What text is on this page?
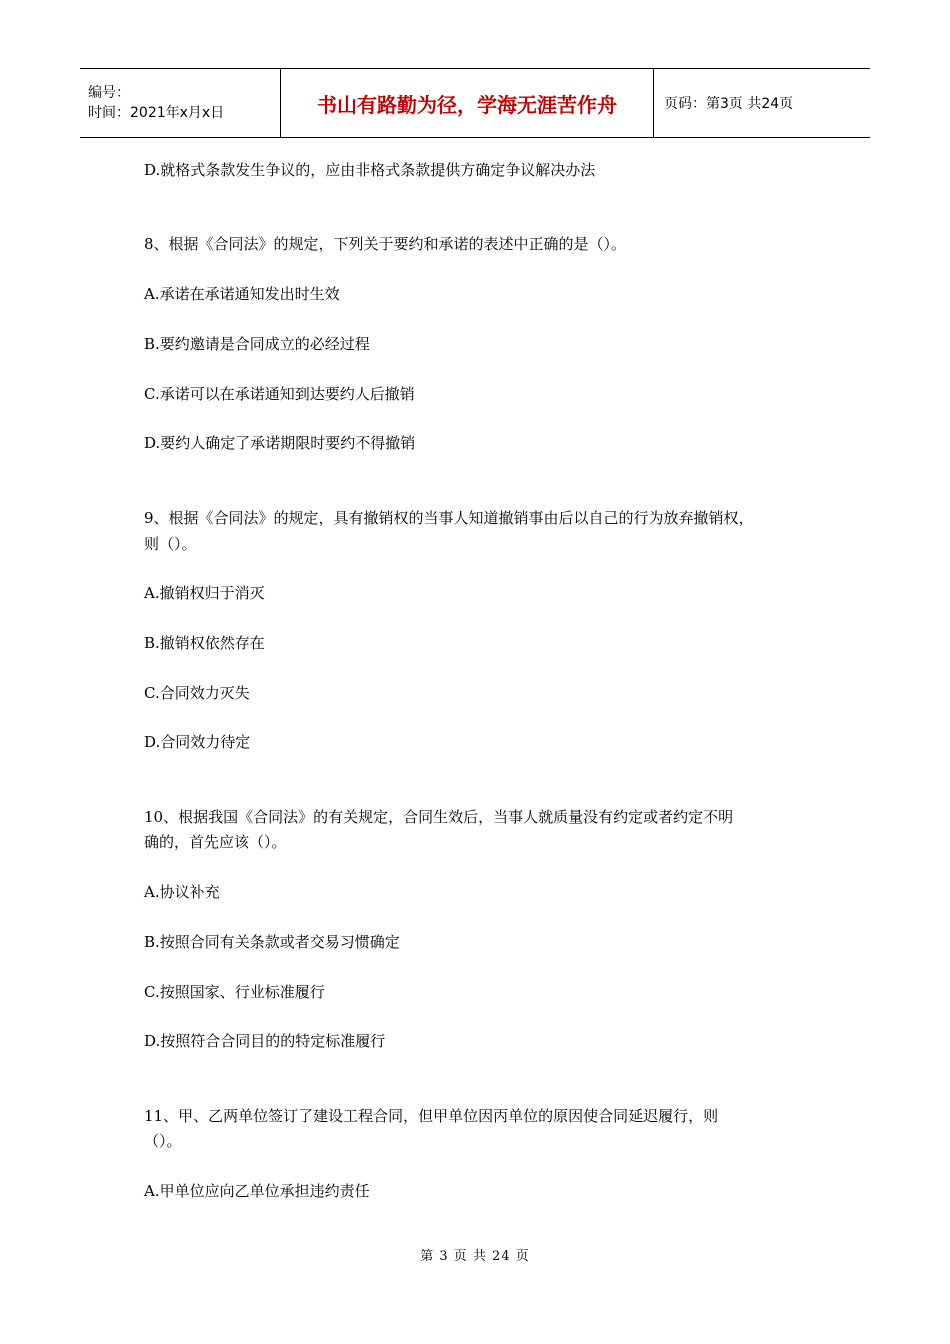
编号：
时间：2021年x月x日	书山有路勤为径，学海无涯苦作舟	页码：第3页 共24页

D.就格式条款发生争议的，应由非格式条款提供方确定争议解决办法

8、根据《合同法》的规定，下列关于要约和承诺的表述中正确的是（）。

A.承诺在承诺通知发出时生效

B.要约邀请是合同成立的必经过程

C.承诺可以在承诺通知到达要约人后撤销

D.要约人确定了承诺期限时要约不得撤销

9、根据《合同法》的规定，具有撤销权的当事人知道撤销事由后以自己的行为放弃撤销权，

则（）。

A.撤销权归于消灭

B.撤销权依然存在

C.合同效力灭失

D.合同效力待定

10、根据我国《合同法》的有关规定，合同生效后，当事人就质量没有约定或者约定不明

确的，首先应该（）。

A.协议补充

B.按照合同有关条款或者交易习惯确定

C.按照国家、行业标准履行

D.按照符合合同目的的特定标准履行

11、甲、乙两单位签订了建设工程合同，但甲单位因丙单位的原因使合同延迟履行，则

（）。

A.甲单位应向乙单位承担违约责任

第 3 页 共 24 页
